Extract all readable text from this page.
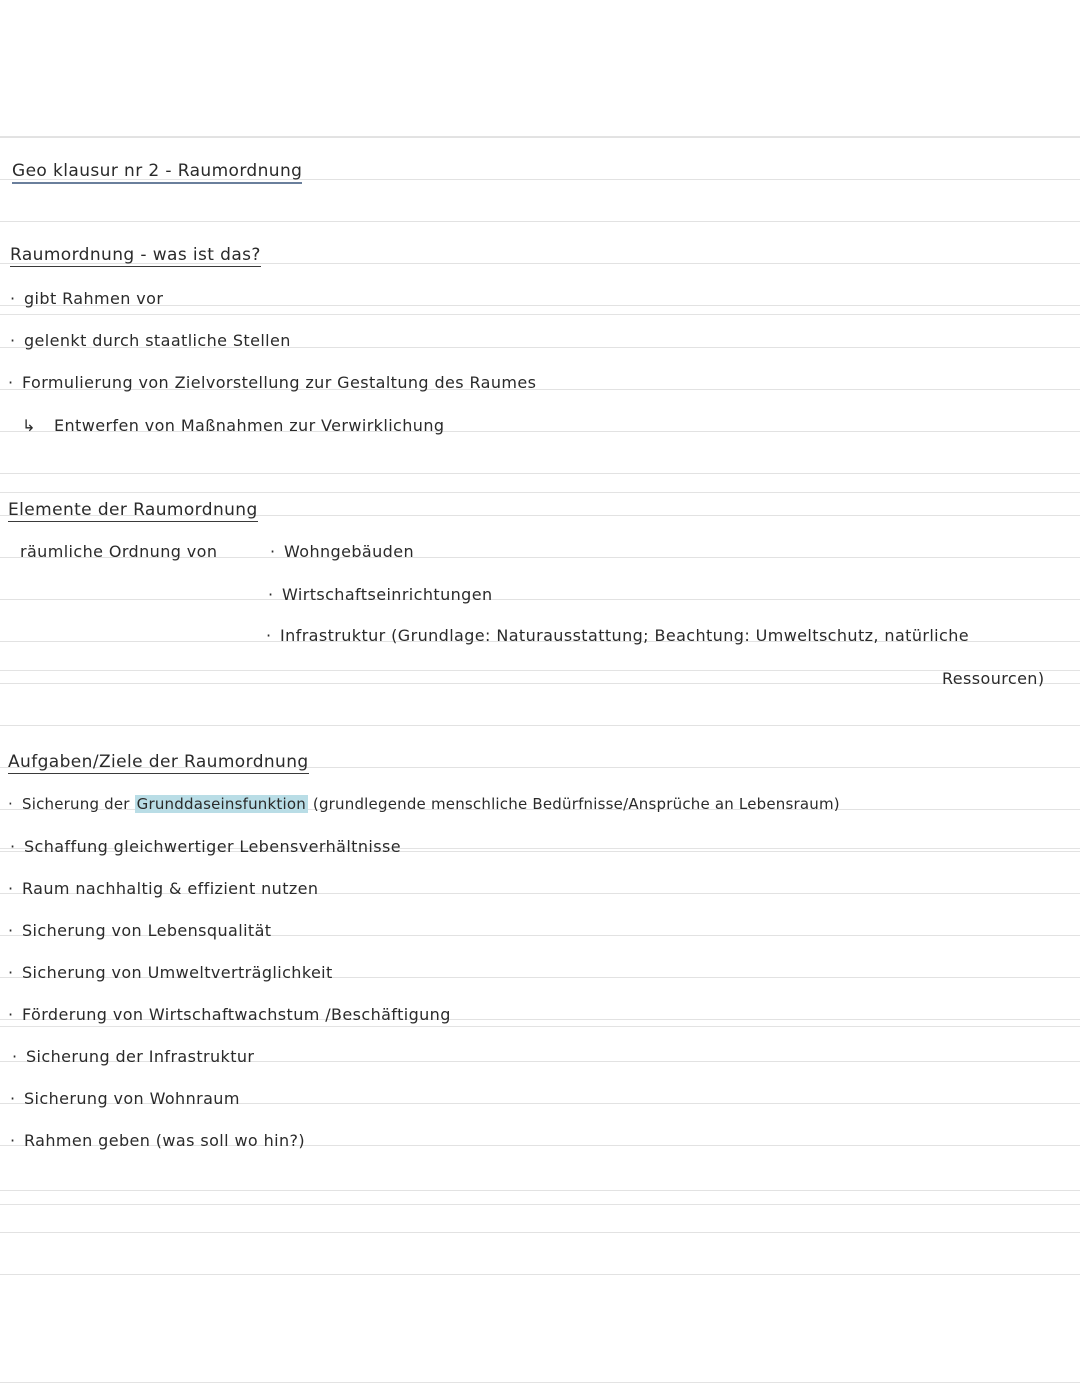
Geo klausur nr 2 - Raumordnung
Raumordnung - was ist das?
· gibt Rahmen vor
· gelenkt durch staatliche Stellen
· Formulierung von Zielvorstellung zur Gestaltung des Raumes
↳ Entwerfen von Maßnahmen zur Verwirklichung
Elemente der Raumordnung
räumliche Ordnung von	· Wohngebäuden
· Wirtschaftseinrichtungen
· Infrastruktur (Grundlage: Naturausstattung; Beachtung: Umweltschutz, natürliche
Ressourcen)
Aufgaben/Ziele der Raumordnung
· Sicherung der Grunddaseinsfunktion (grundlegende menschliche Bedürfnisse/Ansprüche an Lebensraum)
· Schaffung gleichwertiger Lebensverhältnisse
· Raum nachhaltig & effizient nutzen
· Sicherung von Lebensqualität
· Sicherung von Umweltverträglichkeit
· Förderung von Wirtschaftwachstum /Beschäftigung
· Sicherung der Infrastruktur
· Sicherung von Wohnraum
· Rahmen geben (was soll wo hin?)
